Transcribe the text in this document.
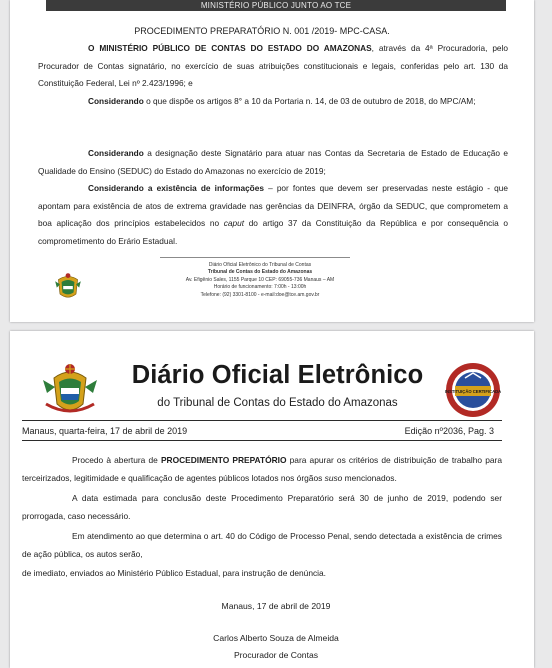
MINISTÉRIO PÚBLICO JUNTO AO TCE
PROCEDIMENTO PREPARATÓRIO N. 001 /2019- MPC-CASA.
O MINISTÉRIO PÚBLICO DE CONTAS DO ESTADO DO AMAZONAS, através da 4ª Procuradoria, pelo Procurador de Contas signatário, no exercício de suas atribuições constitucionais e legais, conferidas pelo art. 130 da Constituição Federal, Lei nº 2.423/1996; e
Considerando o que dispõe os artigos 8° a 10 da Portaria n. 14, de 03 de outubro de 2018, do MPC/AM;
Considerando a designação deste Signatário para atuar nas Contas da Secretaria de Estado de Educação e Qualidade do Ensino (SEDUC) do Estado do Amazonas no exercício de 2019;
Considerando a existência de informações – por fontes que devem ser preservadas neste estágio - que apontam para existência de atos de extrema gravidade nas gerências da DEINFRA, órgão da SEDUC, que comprometem a boa aplicação dos princípios estabelecidos no caput do artigo 37 da Constituição da República e por consequência o comprometimento do Erário Estadual.
Diário Oficial Eletrônico do Tribunal de Contas
Tribunal de Contas do Estado do Amazonas
Av. Efigênio Sales, 1155 Parque 10 CEP: 69055-736 Manaus – AM
Horário de funcionamento: 7:00h - 13:00h
Telefone: (92) 3301-8100 - e-mail:doe@tce.am.gov.br
Diário Oficial Eletrônico
do Tribunal de Contas do Estado do Amazonas
INSTITUIÇÃO CERTIFICADA
Manaus, quarta-feira, 17 de abril de 2019	Edição nº2036, Pag. 3
Procedo à abertura de PROCEDIMENTO PREPATÓRIO para apurar os critérios de distribuição de trabalho para terceirizados, legitimidade e qualificação de agentes públicos lotados nos órgãos suso mencionados.
A data estimada para conclusão deste Procedimento Preparatório será 30 de junho de 2019, podendo ser prorrogada, caso necessário.
Em atendimento ao que determina o art. 40 do Código de Processo Penal, sendo detectada a existência de crimes de ação pública, os autos serão,
de imediato, enviados ao Ministério Público Estadual, para instrução de denúncia.
Manaus, 17 de abril de 2019
Carlos Alberto Souza de Almeida
Procurador de Contas
